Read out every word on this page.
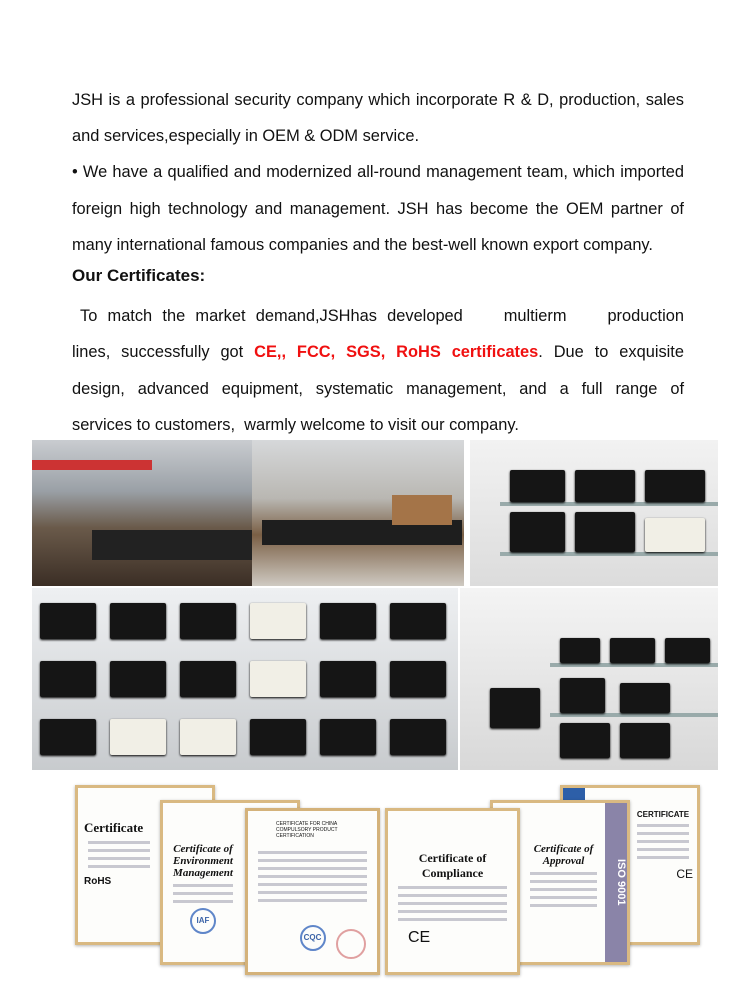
JSH is a professional security company which incorporate R & D, production, sales
and services,especially in OEM & ODM service.
• We have a qualified and modernized all-round management team, which imported
foreign high technology and management. JSH has become the OEM partner of
many international famous companies and the best-well known export company.
Our Certificates:
To match the market demand,JSHhas developed    multierm    production
lines, successfully got CE,, FCC, SGS, RoHS certificates. Due to exquisite
design, advanced equipment, systematic management, and a full range of
services to customers,  warmly welcome to visit our company.
Certificate
RoHS
Certificate of Environment Management
IAF
CERTIFICATE FOR CHINA COMPULSORY PRODUCT CERTIFICATION
CQC
Certificate of Compliance
CE
Certificate of Approval	ISO 9001
CERTIFICATE
CE
